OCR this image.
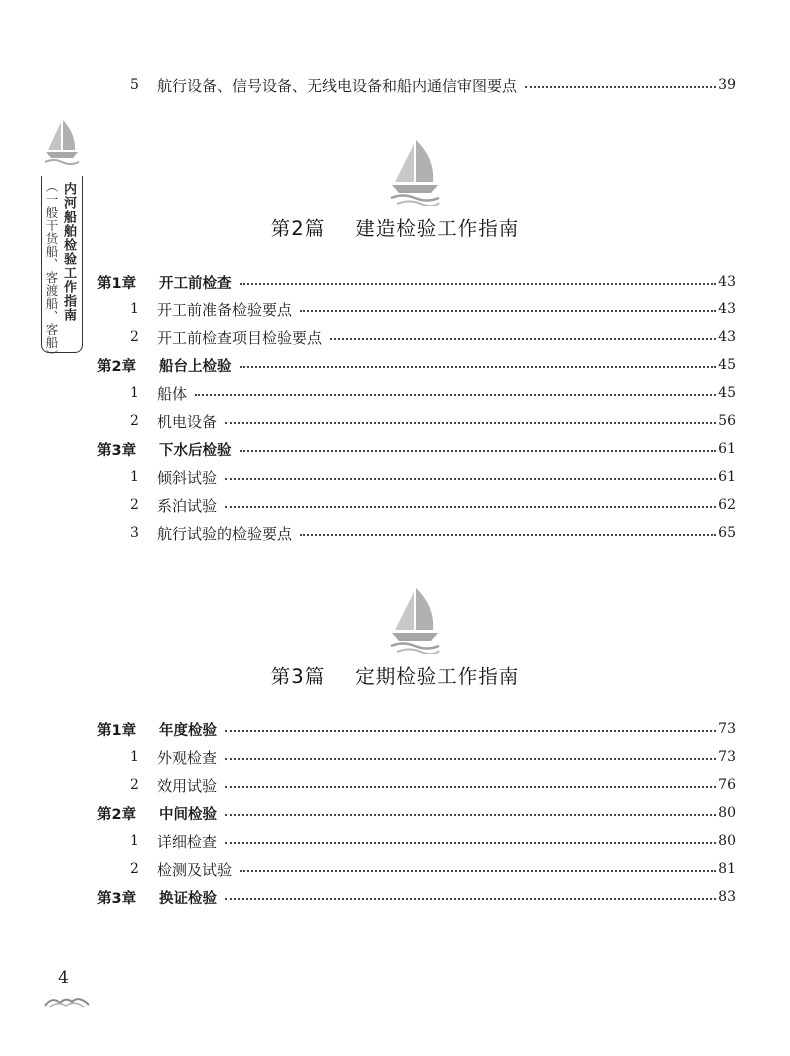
5	航行设备、信号设备、无线电设备和船内通信审图要点	39
内河船舶检验工作指南
（一般干货船、客渡船、客船）	第2篇 建造检验工作指南
第1章	开工前检查	43
1	开工前准备检验要点	43
2	开工前检查项目检验要点	43
第2章	船台上检验	45
1	船体	45
2	机电设备	56
第3章	下水后检验	61
1	倾斜试验	61
2	系泊试验	62
3	航行试验的检验要点	65
第3篇 定期检验工作指南
第1章	年度检验	73
1	外观检查	73
2	效用试验	76
第2章	中间检验	80
1	详细检查	80
2	检测及试验	81
第3章	换证检验	83
4
